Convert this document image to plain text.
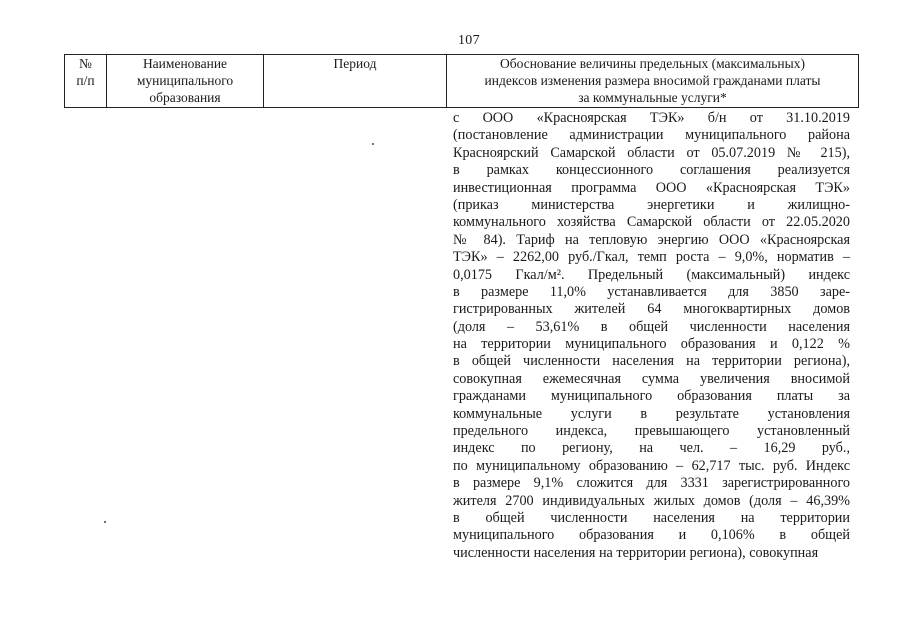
107
№
п/п
Наименование
муниципального
образования
Период	Обоснование величины предельных (максимальных)
индексов изменения размера вносимой гражданами платы
за коммунальные услуги*
с ООО «Красноярская ТЭК» б/н от 31.10.2019
(постановление администрации муниципального района
Красноярский Самарской области от 05.07.2019 № 215),
в рамках концессионного соглашения реализуется
инвестиционная программа ООО «Красноярская ТЭК»
(приказ министерства энергетики и жилищно-
коммунального хозяйства Самарской области от 22.05.2020
№ 84). Тариф на тепловую энергию ООО «Красноярская
ТЭК» – 2262,00 руб./Гкал, темп роста – 9,0%, норматив –
0,0175 Гкал/м². Предельный (максимальный) индекс
в размере 11,0% устанавливается для 3850 заре-
гистрированных жителей 64 многоквартирных домов
(доля – 53,61% в общей численности населения
на территории муниципального образования и 0,122 %
в общей численности населения на территории региона),
совокупная ежемесячная сумма увеличения вносимой
гражданами муниципального образования платы за
коммунальные услуги в результате установления
предельного индекса, превышающего установленный
индекс по региону, на чел. – 16,29 руб.,
по муниципальному образованию – 62,717 тыс. руб. Индекс
в размере 9,1% сложится для 3331 зарегистрированного
жителя 2700 индивидуальных жилых домов (доля – 46,39%
в общей численности населения на территории
муниципального образования и 0,106% в общей
численности населения на территории региона), совокупная
